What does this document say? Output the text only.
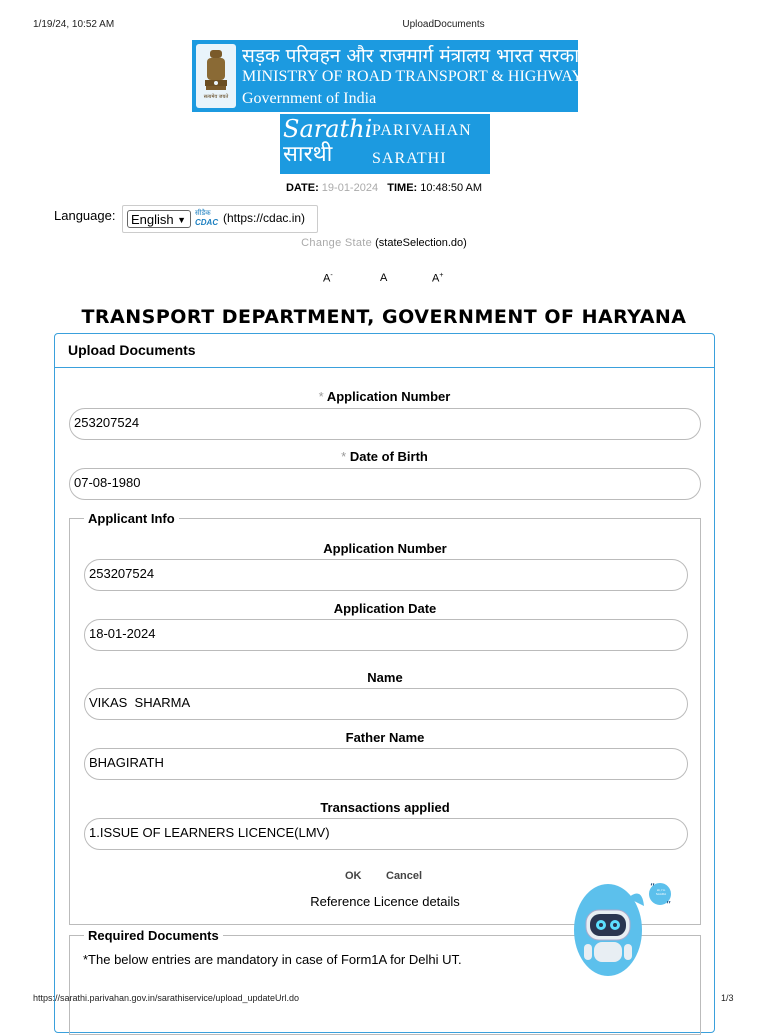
1/19/24, 10:52 AM	UploadDocuments
सत्यमेव जयते
सड़क परिवहन और राजमार्ग मंत्रालय भारत सरकार
MINISTRY OF ROAD TRANSPORT & HIGHWAYS
Government of India
Sarathi
सारथी
PARIVAHAN
SARATHI
DATE: 19-01-2024 TIME: 10:48:50 AM
Language:	English ▼
सीडैक
CDAC (https://cdac.in)
Change State (stateSelection.do)
A-	A	A+
TRANSPORT DEPARTMENT, GOVERNMENT OF HARYANA
Upload Documents
* Application Number
253207524
* Date of Birth
07-08-1980
Applicant Info
Application Number
253207524
Application Date
18-01-2024
Name
VIKAS  SHARMA
Father Name
BHAGIRATH
Transactions applied
1.ISSUE OF LEARNERS LICENCE(LMV)
OK Cancel
Reference Licence details
Required Documents
*The below entries are mandatory in case of Form1A for Delhi UT.
“
”
Hi, I'm SAARA
https://sarathi.parivahan.gov.in/sarathiservice/upload_updateUrl.do	1/3
